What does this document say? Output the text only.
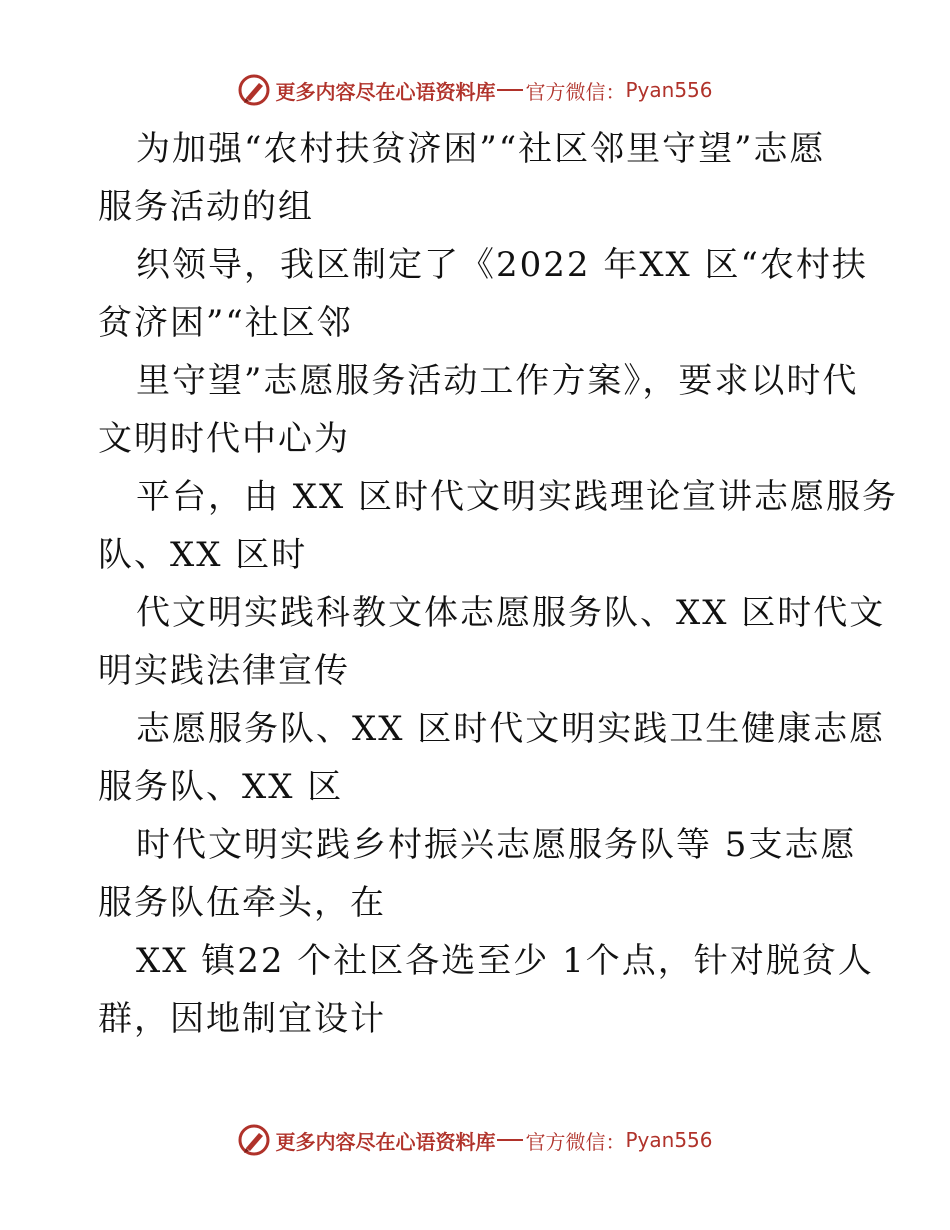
更多内容尽在心语资料库 官方微信： Pyan556
为加强“农村扶贫济困”“社区邻里守望”志愿
服务活动的组
织领导，我区制定了《2022 年XX 区“农村扶
贫济困”“社区邻
里守望”志愿服务活动工作方案》，要求以时代
文明时代中心为
平台，由 XX 区时代文明实践理论宣讲志愿服务
队、XX 区时
代文明实践科教文体志愿服务队、XX 区时代文
明实践法律宣传
志愿服务队、XX 区时代文明实践卫生健康志愿
服务队、XX 区
时代文明实践乡村振兴志愿服务队等 5支志愿
服务队伍牵头，在
XX 镇22 个社区各选至少 1个点，针对脱贫人
群，因地制宜设计
更多内容尽在心语资料库 官方微信： Pyan556
